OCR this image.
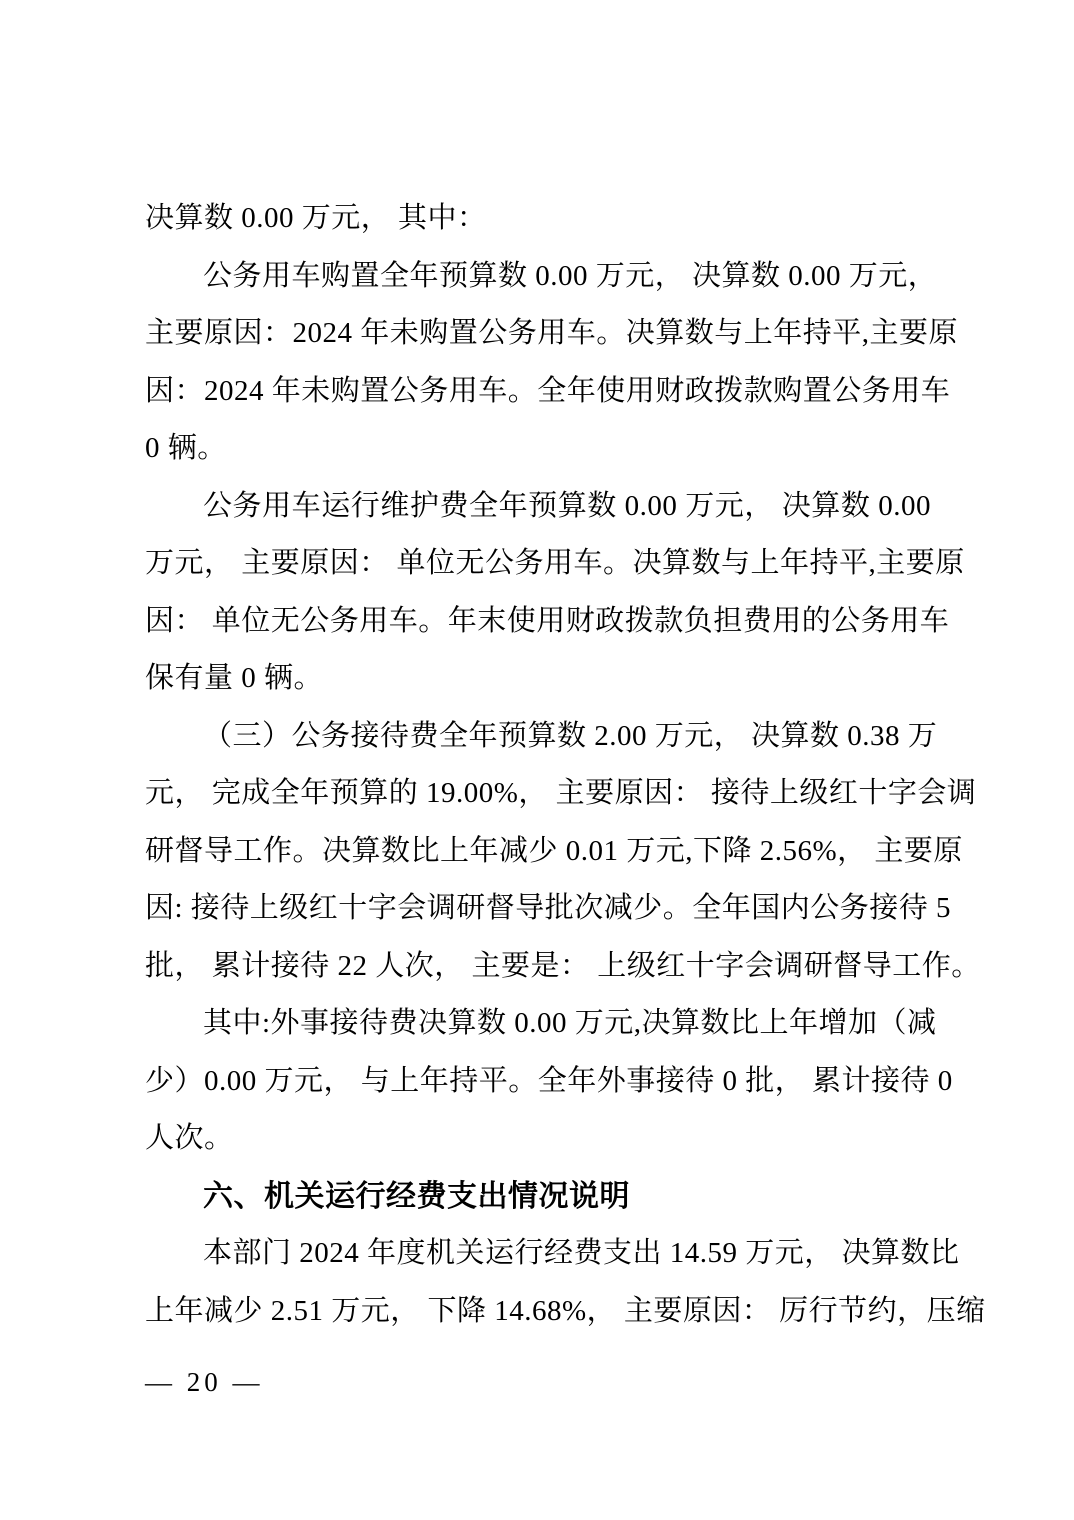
决算数 0.00 万元， 其中：
公务用车购置全年预算数 0.00 万元， 决算数 0.00 万元，
主要原因：2024 年未购置公务用车。决算数与上年持平,主要原
因：2024 年未购置公务用车。全年使用财政拨款购置公务用车
0 辆。
公务用车运行维护费全年预算数 0.00 万元， 决算数 0.00
万元， 主要原因： 单位无公务用车。决算数与上年持平,主要原
因： 单位无公务用车。年末使用财政拨款负担费用的公务用车
保有量 0 辆。
（三）公务接待费全年预算数 2.00 万元， 决算数 0.38 万
元， 完成全年预算的 19.00%， 主要原因： 接待上级红十字会调
研督导工作。决算数比上年减少 0.01 万元,下降 2.56%， 主要原
因: 接待上级红十字会调研督导批次减少。全年国内公务接待 5
批， 累计接待 22 人次， 主要是： 上级红十字会调研督导工作。
其中:外事接待费决算数 0.00 万元,决算数比上年增加（减
少）0.00 万元， 与上年持平。全年外事接待 0 批， 累计接待 0
人次。
六、机关运行经费支出情况说明
本部门 2024 年度机关运行经费支出 14.59 万元， 决算数比
上年减少 2.51 万元， 下降 14.68%， 主要原因： 厉行节约，压缩
— 20 —
